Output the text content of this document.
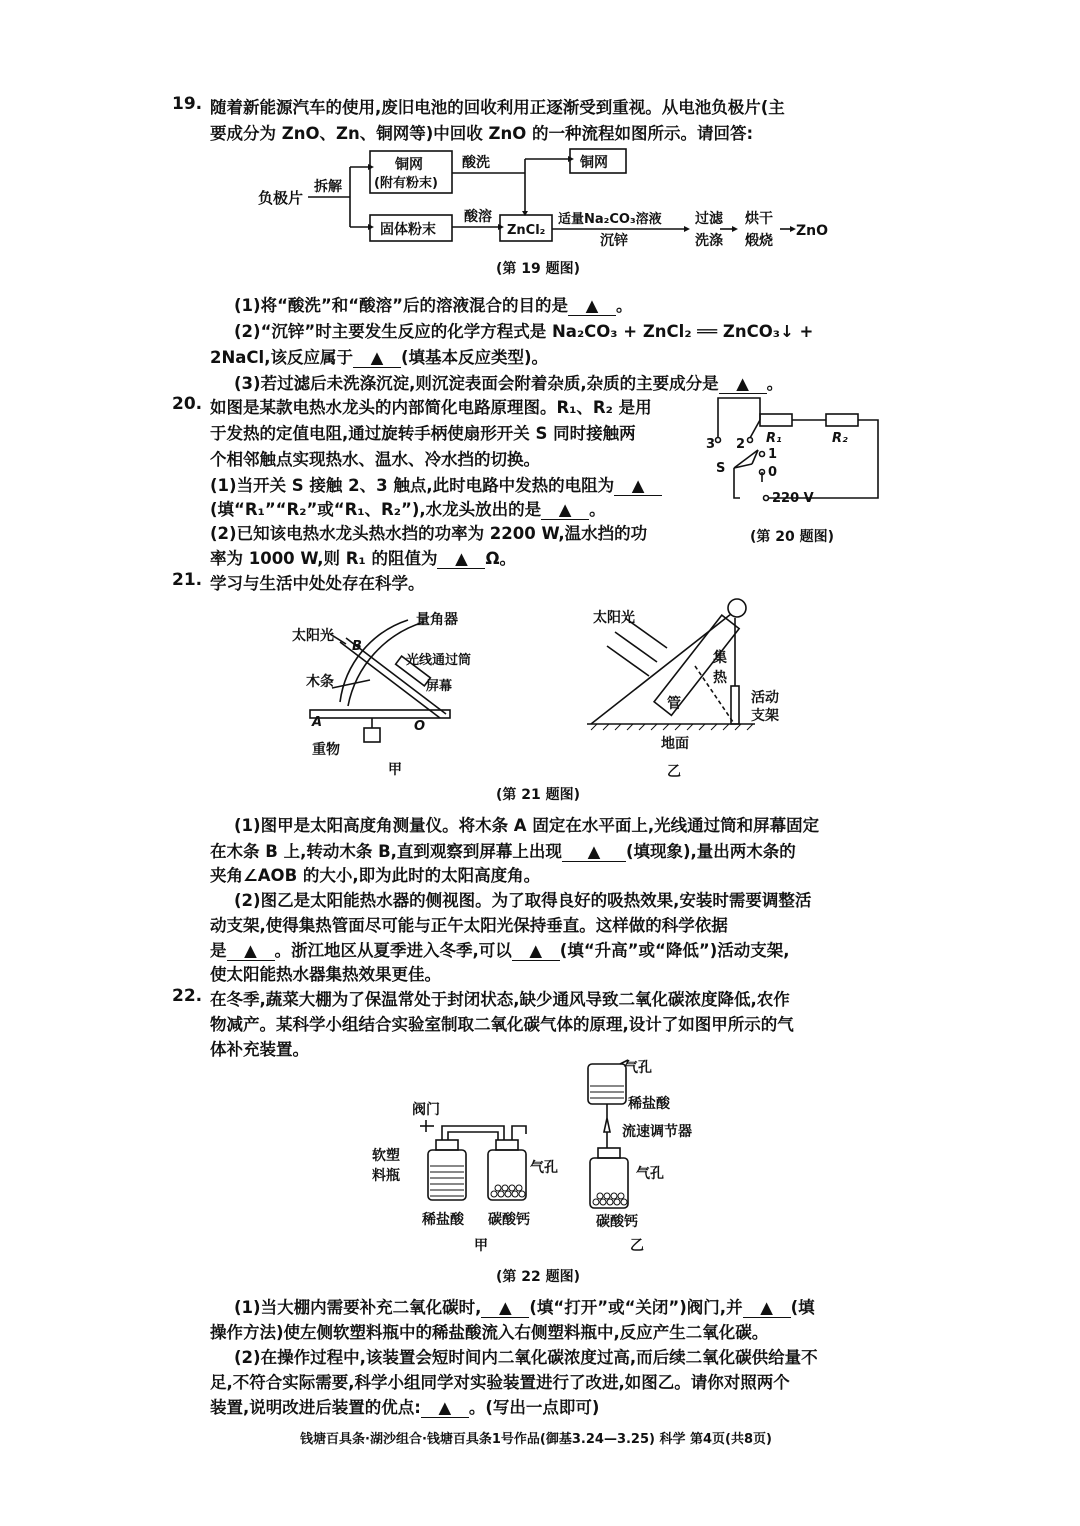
19. 随着新能源汽车的使用,废旧电池的回收利用正逐渐受到重视。从电池负极片(主
要成分为 ZnO、Zn、铜网等)中回收 ZnO 的一种流程如图所示。请回答:
负极片
拆解
铜网
(附有粉末)
酸洗	铜网
固体粉末
酸溶
ZnCl₂
适量Na₂CO₃溶液
沉锌
过滤
洗涤
烘干
煅烧
ZnO
(第 19 题图)
(1)将“酸洗”和“酸溶”后的溶液混合的目的是 ▲ 。
(2)“沉锌”时主要发生反应的化学方程式是 Na₂CO₃ + ZnCl₂ ══ ZnCO₃↓ +
2NaCl,该反应属于 ▲ (填基本反应类型)。
(3)若过滤后未洗涤沉淀,则沉淀表面会附着杂质,杂质的主要成分是 ▲ 。
20. 如图是某款电热水龙头的内部简化电路原理图。R₁、R₂ 是用
于发热的定值电阻,通过旋转手柄使扇形开关 S 同时接触两
个相邻触点实现热水、温水、冷水挡的切换。
(1)当开关 S 接触 2、3 触点,此时电路中发热的电阻为 ▲
(填“R₁”“R₂”或“R₁、R₂”),水龙头放出的是 ▲ 。
(2)已知该电热水龙头热水挡的功率为 2200 W,温水挡的功
率为 1000 W,则 R₁ 的阻值为 ▲ Ω。
R₁	R₂
3 2
1
0
S
220 V
(第 20 题图)
21. 学习与生活中处处存在科学。
量角器
太阳光
B
光线通过筒
木条	屏幕
A	O
重物
甲
太阳光
集
热
管	活动
支架
地面
乙
(第 21 题图)
(1)图甲是太阳高度角测量仪。将木条 A 固定在水平面上,光线通过筒和屏幕固定
在木条 B 上,转动木条 B,直到观察到屏幕上出现 ▲ (填现象),量出两木条的
夹角∠AOB 的大小,即为此时的太阳高度角。
(2)图乙是太阳能热水器的侧视图。为了取得良好的吸热效果,安装时需要调整活
动支架,使得集热管面尽可能与正午太阳光保持垂直。这样做的科学依据
是 ▲ 。浙江地区从夏季进入冬季,可以 ▲ (填“升高”或“降低”)活动支架,
使太阳能热水器集热效果更佳。
22. 在冬季,蔬菜大棚为了保温常处于封闭状态,缺少通风导致二氧化碳浓度降低,农作
物减产。某科学小组结合实验室制取二氧化碳气体的原理,设计了如图甲所示的气
体补充装置。
阀门
软塑
料瓶	气孔
稀盐酸 碳酸钙
甲
气孔
稀盐酸
流速调节器
气孔
碳酸钙
乙
(第 22 题图)
(1)当大棚内需要补充二氧化碳时, ▲ (填“打开”或“关闭”)阀门,并 ▲ (填
操作方法)使左侧软塑料瓶中的稀盐酸流入右侧塑料瓶中,反应产生二氧化碳。
(2)在操作过程中,该装置会短时间内二氧化碳浓度过高,而后续二氧化碳供给量不
足,不符合实际需要,科学小组同学对实验装置进行了改进,如图乙。请你对照两个
装置,说明改进后装置的优点: ▲ 。(写出一点即可)
钱塘百具条·湖沙组合·钱塘百具条1号作品(御基3.24—3.25) 科学 第4页(共8页)
